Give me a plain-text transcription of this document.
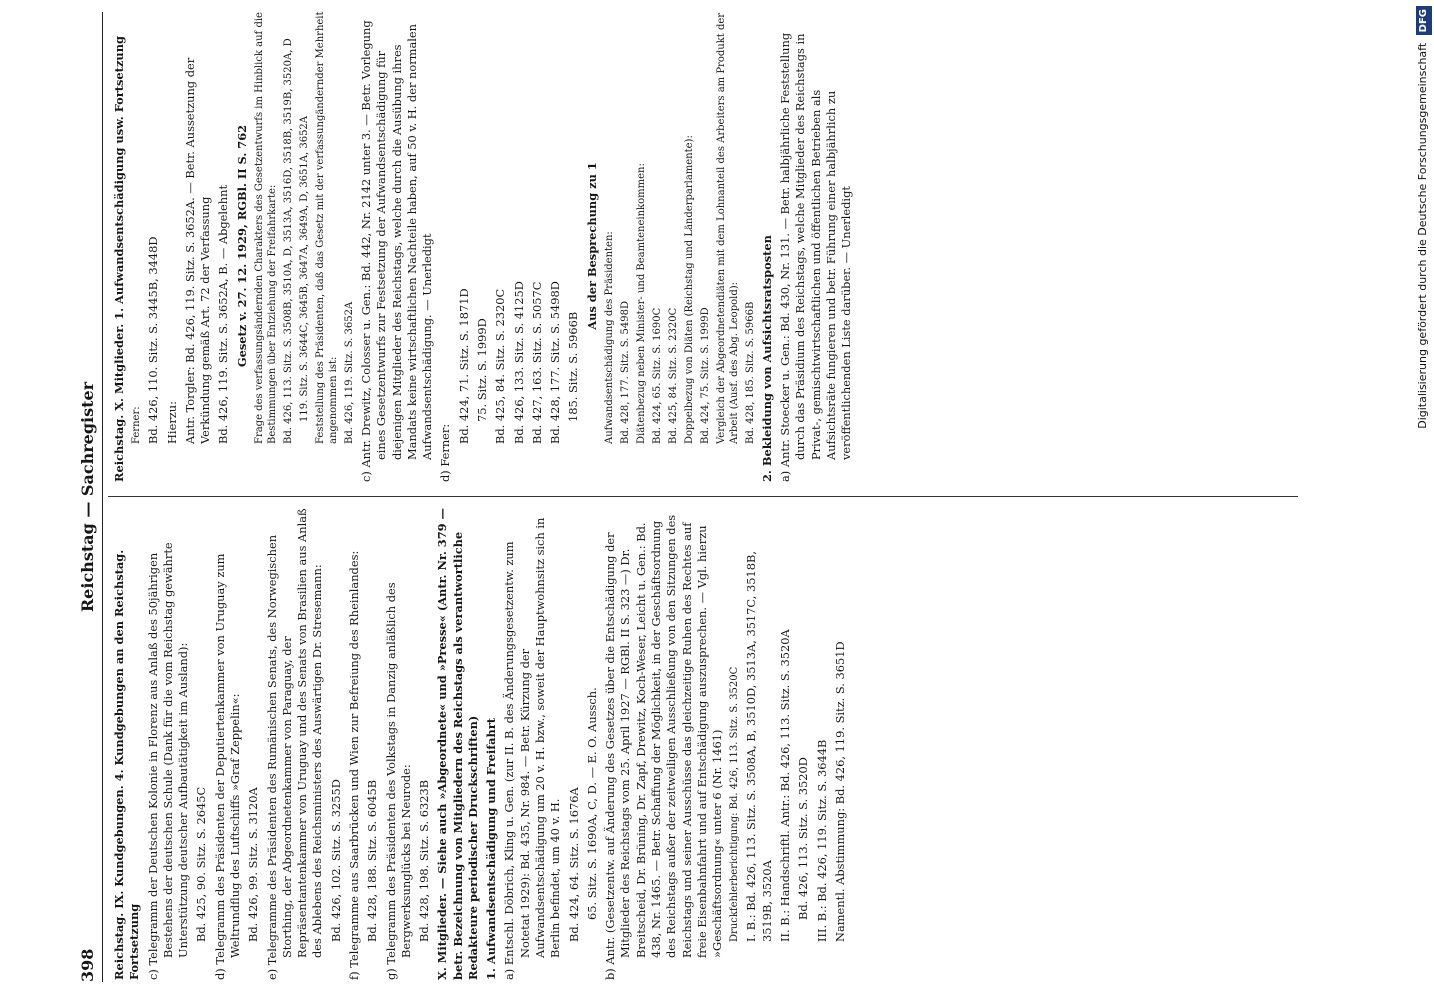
398
Reichstag — Sachregister

Reichstag. IX. Kundgebungen. 4. Kundgebungen an den Reichstag. Fortsetzung c) Telegramm der Deutschen Kolonie in Florenz aus Anlaß des 50jährigen Bestehens der deutschen Schule (Dank für die vom Reichstag gewährte Unterstützung deutscher Aufbautätigkeit im Ausland): Bd. 425, 90. Sitz. S. 2645C d) Telegramm des Präsidenten der Deputiertenkammer von Uruguay zum Weltrundflug des Luftschiffs »Graf Zeppelin«: Bd. 426, 99. Sitz. S. 3120A e) Telegramme des Präsidenten des Rumänischen Senats, des Norwegischen Storthing, der Abgeordnetenkammer von Paraguay, der Repräsentantenkammer von Uruguay und des Senats von Brasilien aus Anlaß des Ablebens des Reichsministers des Auswärtigen Dr. Stresemann: Bd. 426, 102. Sitz. S. 3255D f) Telegramme aus Saarbrücken und Wien zur Befreiung des Rheinlandes: Bd. 428, 188. Sitz. S. 6045B g) Telegramm des Präsidenten des Volkstags in Danzig anläßlich des Bergwerksunglücks bei Neurode: Bd. 428, 198. Sitz. S. 6323B X. Mitglieder. — Siehe auch »Abgeordnete« und »Presse« (Antr. Nr. 379 — betr. Bezeichnung von Mitgliedern des Reichstags als verantwortliche Redakteure periodischer Druckschriften) 1. Aufwandsentschädigung und Freifahrt a) Entschl. Döbrich, Kling u. Gen. (zur II. B. des Änderungsgesetzentw. zum Notetat 1929): Bd. 435, Nr. 984. — Betr. Kürzung der Aufwandsentschädigung um 20 v. H. bzw., soweit der Hauptwohnsitz sich in Berlin befindet, um 40 v. H. Bd. 424, 64. Sitz. S. 1676A 65. Sitz. S. 1690A, C, D. — E. O. Aussch. b) Antr. (Gesetzentw. auf Änderung des Gesetzes über die Entschädigung der Mitglieder des Reichstags vom 25. April 1927 — RGBl. II S. 323 —) Dr. Breitscheid, Dr. Brüning, Dr. Zapf, Drewitz, Koch-Weser, Leicht u. Gen.: Bd. 438, Nr. 1465. — Betr. Schaffung der Möglichkeit, in der Geschäftsordnung des Reichstags außer der zeitweiligen Ausschließung von den Sitzungen des Reichstags und seiner Ausschüsse das gleichzeitige Ruhen des Rechtes auf freie Eisenbahnfahrt und auf Entschädigung auszusprechen. — Vgl. hierzu »Geschäftsordnung« unter 6 (Nr. 1461) Druckfehlerberichtigung: Bd. 426, 113. Sitz. S. 3520C I. B.: Bd. 426, 113. Sitz. S. 3508A, B, 3510D, 3513A, 3517C, 3518B, 3519B, 3520A II. B.: Handschriftl. Antr.: Bd. 426, 113. Sitz. S. 3520A Bd. 426, 113. Sitz. S. 3520D III. B.: Bd. 426, 119. Sitz. S. 3644B Namentl. Abstimmung: Bd. 426, 119. Sitz. S. 3651D

Reichstag. X. Mitglieder. 1. Aufwandsentschädigung usw. Fortsetzung Ferner: Bd. 426, 110. Sitz. S. 3445B, 3448D Hierzu: Antr. Torgler: Bd. 426, 119. Sitz. S. 3652A. — Betr. Aussetzung der Verkündung gemäß Art. 72 der Verfassung Bd. 426, 119. Sitz. S. 3652A, B. — Abgelehnt Gesetz v. 27. 12. 1929, RGBl. II S. 762 Frage des verfassungsändernden Charakters des Gesetzentwurfs im Hinblick auf die Bestimmungen über Entziehung der Freifahrkarte: Bd. 426, 113. Sitz. S. 3508B, 3510A, D, 3513A, 3516D, 3518B, 3519B, 3520A, D 119. Sitz. S. 3644C, 3645B, 3647A, 3649A, D, 3651A, 3652A Feststellung des Präsidenten, daß das Gesetz mit der verfassungändernder Mehrheit angenommen ist: Bd. 426, 119. Sitz. S. 3652A c) Antr. Drewitz, Colosser u. Gen.: Bd. 442, Nr. 2142 unter 3. — Betr. Vorlegung eines Gesetzentwurfs zur Festsetzung der Aufwandsentschädigung für diejenigen Mitglieder des Reichstags, welche durch die Ausübung ihres Mandats keine wirtschaftlichen Nachteile haben, auf 50 v. H. der normalen Aufwandsentschädigung. — Unerledigt d) Ferner:

Bd. 424, 71. Sitz. S. 1871D 75. Sitz. S. 1999D Bd. 425, 84. Sitz. S. 2320C Bd. 426, 133. Sitz. S. 4125D Bd. 427, 163. Sitz. S. 5057C Bd. 428, 177. Sitz. S. 5498D 185. Sitz. S. 5966B

Aus der Besprechung zu 1 Aufwandsentschädigung des Präsidenten: Bd. 428, 177. Sitz. S. 5498D Diätenbezug neben Minister- und Beamteneinkommen: Bd. 424, 65. Sitz. S. 1690C Bd. 425, 84. Sitz. S. 2320C Doppelbezug von Diäten (Reichstag und Länderparlamente): Bd. 424, 75. Sitz. S. 1999D Vergleich der Abgeordnetendiäten mit dem Lohnanteil des Arbeiters am Produkt der Arbeit (Ausf. des Abg. Leopold): Bd. 428, 185. Sitz. S. 5966B 2. Bekleidung von Aufsichtsratsposten a) Antr. Stoecker u. Gen.: Bd. 430, Nr. 131. — Betr. halbjährliche Feststellung durch das Präsidium des Reichstags, welche Mitglieder des Reichstags in Privat-, gemischtwirtschaftlichen und öffentlichen Betrieben als Aufsichtsräte fungieren und betr. Führung einer halbjährlich zu veröffentlichenden Liste darüber. — Unerledigt	Digitalisierung gefördert durch die Deutsche Forschungsgemeinschaft DFG
